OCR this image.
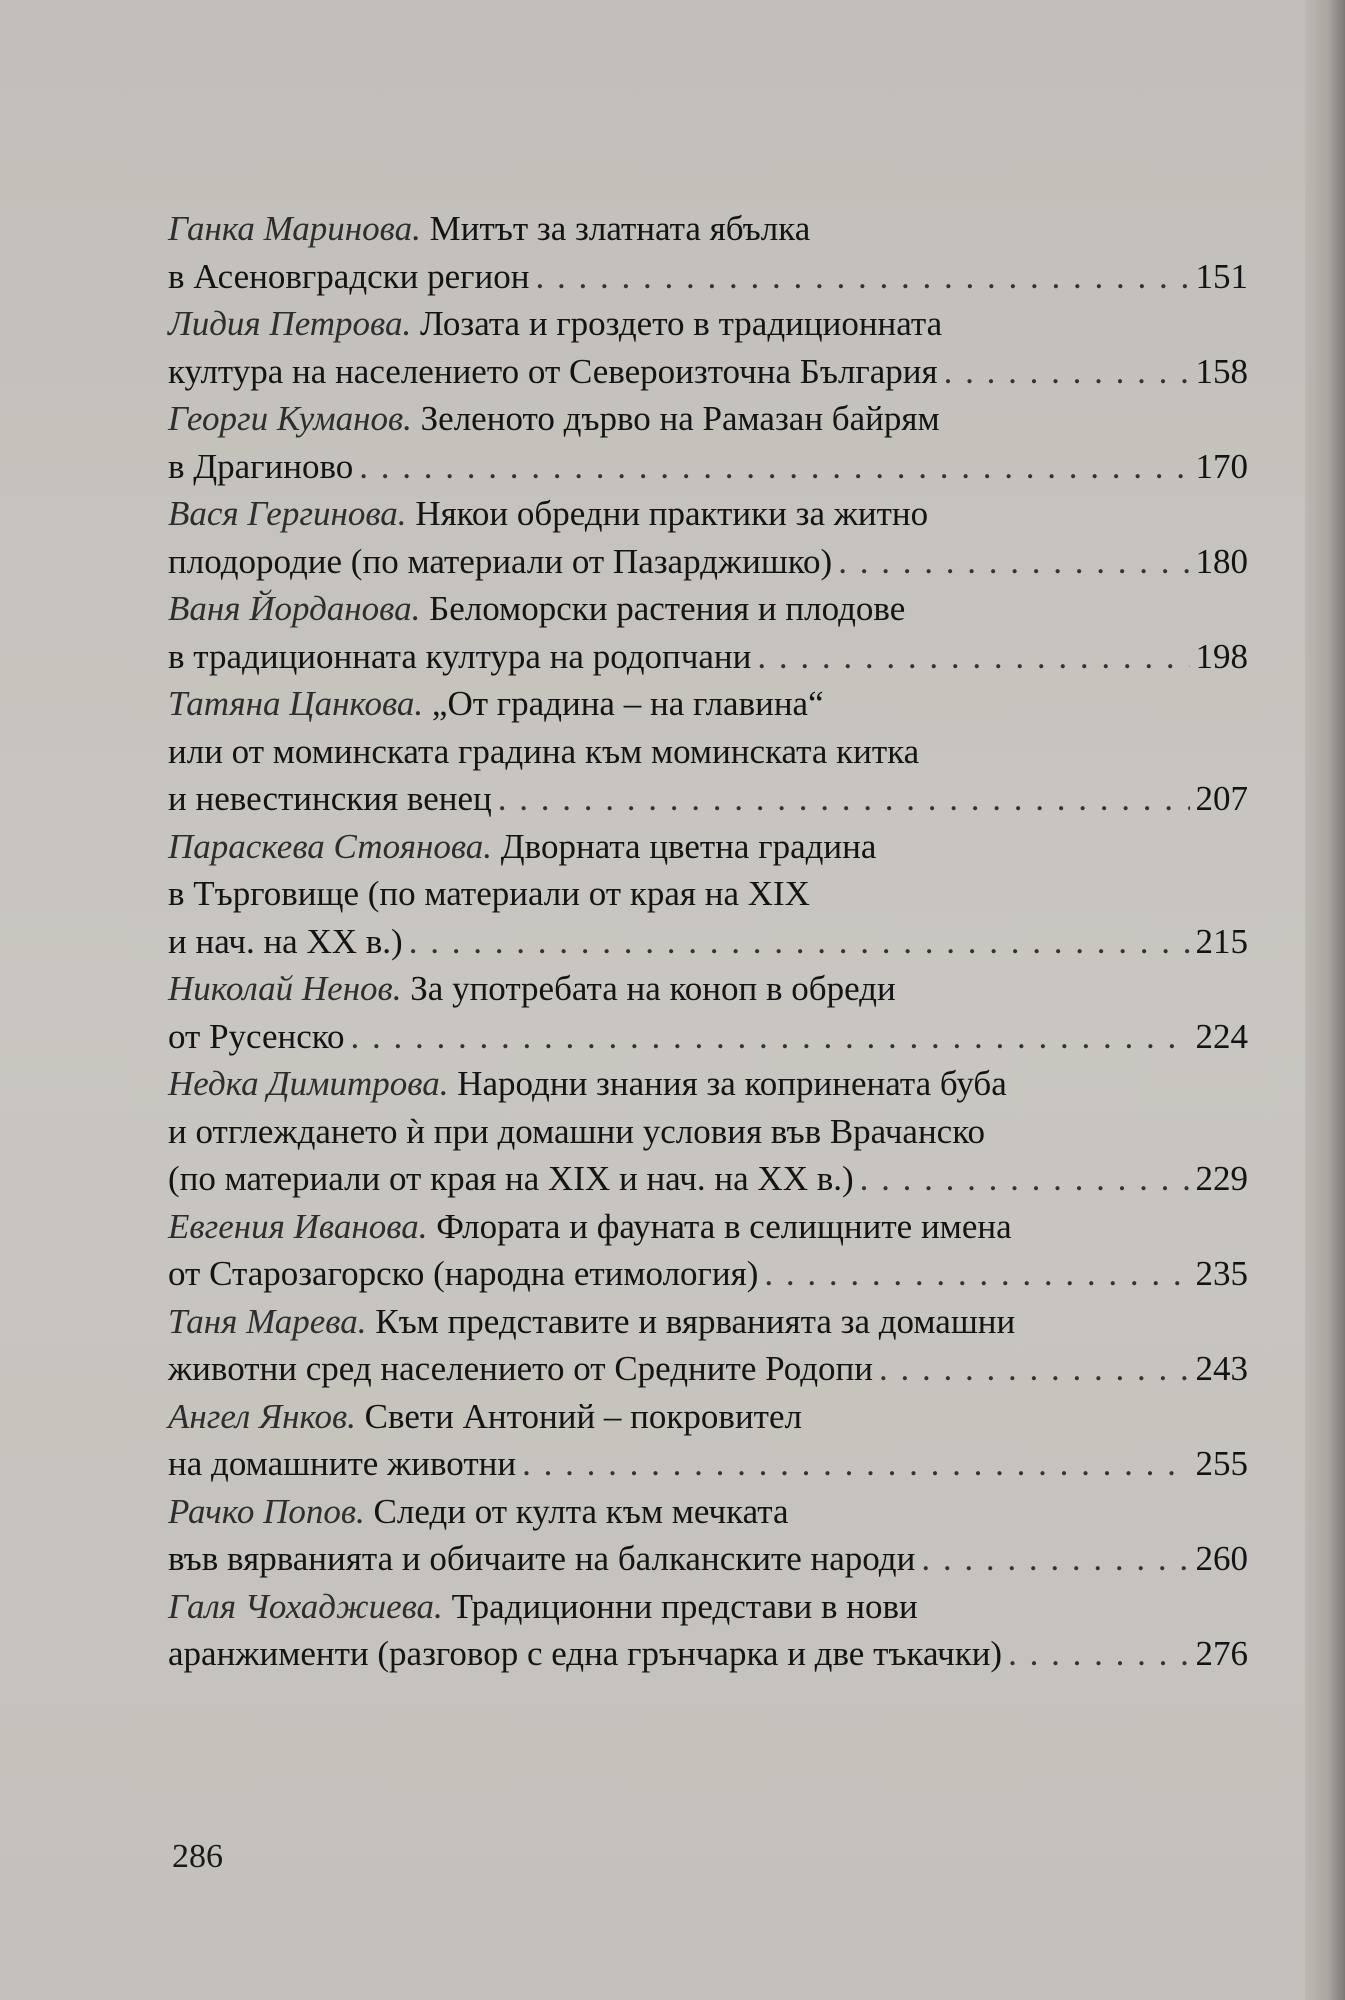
Ганка Маринова. Митът за златната ябълка
в Асеновградски регион . . .	151
Лидия Петрова. Лозата и гроздето в традиционната
култура на населението от Североизточна България . . .	158
Георги Куманов. Зеленото дърво на Рамазан байрям
в Драгиново . . .	170
Вася Гергинова. Някои обредни практики за житно
плодородие (по материали от Пазарджишко) . . .	180
Ваня Йорданова. Беломорски растения и плодове
в традиционната култура на родопчани . . .	198
Татяна Цанкова. „От градина – на главина“
или от моминската градина към моминската китка
и невестинския венец . . .	207
Параскева Стоянова. Дворната цветна градина
в Търговище (по материали от края на XIX
и нач. на XX в.) . . .	215
Николай Ненов. За употребата на коноп в обреди
от Русенско . . .	224
Недка Димитрова. Народни знания за копринената буба
и отглеждането ѝ при домашни условия във Врачанско
(по материали от края на XIX и нач. на XX в.) . . .	229
Евгения Иванова. Флората и фауната в селищните имена
от Старозагорско (народна етимология) . . .	235
Таня Марева. Към представите и вярванията за домашни
животни сред населението от Средните Родопи . . .	243
Ангел Янков. Свети Антоний – покровител
на домашните животни . . .	255
Рачко Попов. Следи от култа към мечката
във вярванията и обичаите на балканските народи . . .	260
Галя Чохаджиева. Традиционни представи в нови
аранжименти (разговор с една грънчарка и две тъкачки) . . .	276
286
